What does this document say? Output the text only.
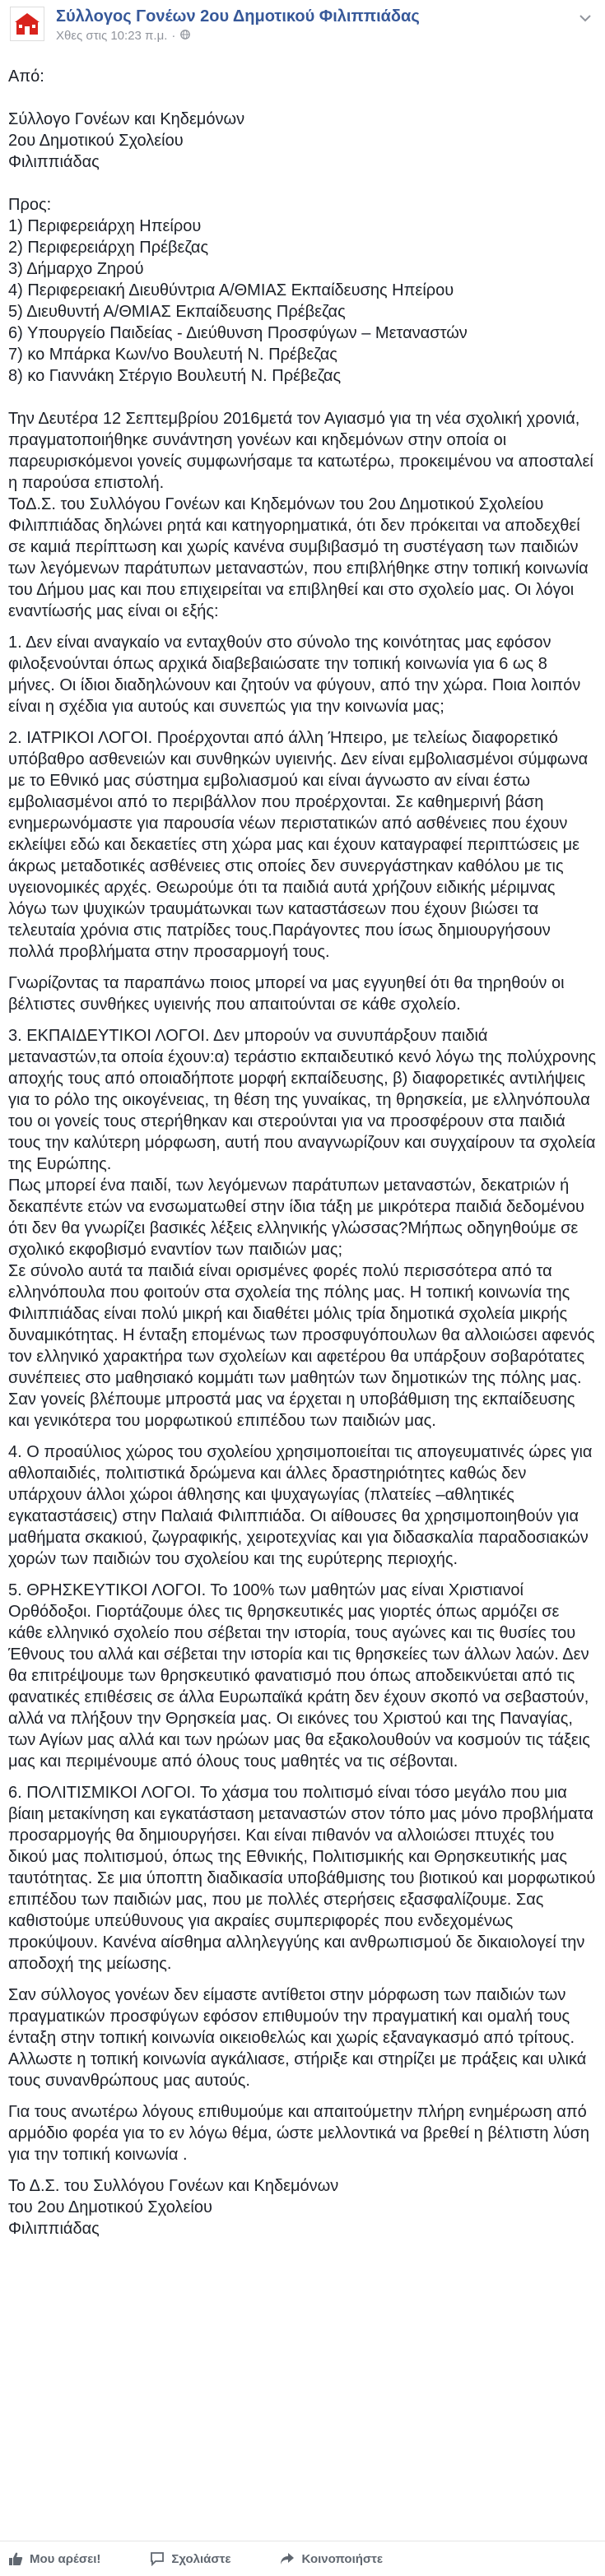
Σύλλογος Γονέων 2ου Δημοτικού Φιλιππιάδας
Χθες στις 10:23 π.μ. ·

Από:

Σύλλογο Γονέων και Κηδεμόνων

2ου Δημοτικού Σχολείου

Φιλιππιάδας

Προς:

1) Περιφερειάρχη Ηπείρου

2) Περιφερειάρχη Πρέβεζας

3) Δήμαρχο Ζηρού

4) Περιφερειακή Διευθύντρια Α/ΘΜΙΑΣ Εκπαίδευσης Ηπείρου

5) Διευθυντή Α/ΘΜΙΑΣ Εκπαίδευσης Πρέβεζας

6) Υπουργείο Παιδείας - Διεύθυνση Προσφύγων – Μεταναστών

7) κο Μπάρκα Κων/νο Βουλευτή Ν. Πρέβεζας

8) κο Γιαννάκη Στέργιο Βουλευτή Ν. Πρέβεζας

Την Δευτέρα 12 Σεπτεμβρίου 2016μετά τον Αγιασμό για τη νέα σχολική χρονιά, πραγματοποιήθηκε συνάντηση γονέων και κηδεμόνων στην οποία οι παρευρισκόμενοι γονείς συμφωνήσαμε τα κατωτέρω, προκειμένου να αποσταλεί η παρούσα επιστολή.
ΤοΔ.Σ. του Συλλόγου Γονέων και Κηδεμόνων του 2ου Δημοτικού Σχολείου Φιλιππιάδας δηλώνει ρητά και κατηγορηματικά, ότι δεν πρόκειται να αποδεχθεί σε καμιά περίπτωση και χωρίς κανένα συμβιβασμό τη συστέγαση των παιδιών των λεγόμενων παράτυπων μεταναστών, που επιβλήθηκε στην τοπική κοινωνία του Δήμου μας και που επιχειρείται να επιβληθεί και στο σχολείο μας. Οι λόγοι εναντίωσής μας είναι οι εξής:

1. Δεν είναι αναγκαίο να ενταχθούν στο σύνολο της κοινότητας μας εφόσον φιλοξενούνται όπως αρχικά διαβεβαιώσατε την τοπική κοινωνία για 6 ως 8 μήνες. Οι ίδιοι διαδηλώνουν και ζητούν να φύγουν, από την χώρα. Ποια λοιπόν είναι η σχέδια για αυτούς και συνεπώς για την κοινωνία μας;

2. ΙΑΤΡΙΚΟΙ ΛΟΓΟΙ. Προέρχονται από άλλη Ήπειρο, με τελείως διαφορετικό υπόβαθρο ασθενειών και συνθηκών υγιεινής. Δεν είναι εμβολιασμένοι σύμφωνα με το Εθνικό μας σύστημα εμβολιασμού και είναι άγνωστο αν είναι έστω εμβολιασμένοι από το περιβάλλον που προέρχονται. Σε καθημερινή βάση ενημερωνόμαστε για παρουσία νέων περιστατικών από ασθένειες που έχουν εκλείψει εδώ και δεκαετίες στη χώρα μας και έχουν καταγραφεί περιπτώσεις με άκρως μεταδοτικές ασθένειες στις οποίες δεν συνεργάστηκαν καθόλου με τις υγειονομικές αρχές. Θεωρούμε ότι τα παιδιά αυτά χρήζουν ειδικής μέριμνας λόγω των ψυχικών τραυμάτωνκαι των καταστάσεων που έχουν βιώσει τα τελευταία χρόνια στις πατρίδες τους.Παράγοντες που ίσως δημιουργήσουν πολλά προβλήματα στην προσαρμογή τους.

Γνωρίζοντας τα παραπάνω ποιος μπορεί να μας εγγυηθεί ότι θα τηρηθούν οι βέλτιστες συνθήκες υγιεινής που απαιτούνται σε κάθε σχολείο.

3. ΕΚΠΑΙΔΕΥΤΙΚΟΙ ΛΟΓΟΙ. Δεν μπορούν να συνυπάρξουν παιδιά μεταναστών,τα οποία έχουν:α) τεράστιο εκπαιδευτικό κενό λόγω της πολύχρονης αποχής τους από οποιαδήποτε μορφή εκπαίδευσης, β) διαφορετικές αντιλήψεις για το ρόλο της οικογένειας, τη θέση της γυναίκας, τη θρησκεία, με ελληνόπουλα του οι γονείς τους στερήθηκαν και στερούνται για να προσφέρουν στα παιδιά τους την καλύτερη μόρφωση, αυτή που αναγνωρίζουν και συγχαίρουν τα σχολεία της Ευρώπης.
Πως μπορεί ένα παιδί, των λεγόμενων παράτυπων μεταναστών, δεκατριών ή δεκαπέντε ετών να ενσωματωθεί στην ίδια τάξη με μικρότερα παιδιά δεδομένου ότι δεν θα γνωρίζει βασικές λέξεις ελληνικής γλώσσας?Μήπως οδηγηθούμε σε σχολικό εκφοβισμό εναντίον των παιδιών μας;
Σε σύνολο αυτά τα παιδιά είναι ορισμένες φορές πολύ περισσότερα από τα ελληνόπουλα που φοιτούν στα σχολεία της πόλης μας. Η τοπική κοινωνία της Φιλιππιάδας είναι πολύ μικρή και διαθέτει μόλις τρία δημοτικά σχολεία μικρής δυναμικότητας. Η ένταξη επομένως των προσφυγόπουλων θα αλλοιώσει αφενός τον ελληνικό χαρακτήρα των σχολείων και αφετέρου θα υπάρξουν σοβαρότατες συνέπειες στο μαθησιακό κομμάτι των μαθητών των δημοτικών της πόλης μας.
Σαν γονείς βλέπουμε μπροστά μας να έρχεται η υποβάθμιση της εκπαίδευσης και γενικότερα του μορφωτικού επιπέδου των παιδιών μας.

4. Ο προαύλιος χώρος του σχολείου χρησιμοποιείται τις απογευματινές ώρες για αθλοπαιδιές, πολιτιστικά δρώμενα και άλλες δραστηριότητες καθώς δεν υπάρχουν άλλοι χώροι άθλησης και ψυχαγωγίας (πλατείες –αθλητικές εγκαταστάσεις) στην Παλαιά Φιλιππιάδα. Οι αίθουσες θα χρησιμοποιηθούν για μαθήματα σκακιού, ζωγραφικής, χειροτεχνίας και για διδασκαλία παραδοσιακών χορών των παιδιών του σχολείου και της ευρύτερης περιοχής.

5. ΘΡΗΣΚΕΥΤΙΚΟΙ ΛΟΓΟΙ. Το 100% των μαθητών μας είναι Χριστιανοί Ορθόδοξοι. Γιορτάζουμε όλες τις θρησκευτικές μας γιορτές όπως αρμόζει σε κάθε ελληνικό σχολείο που σέβεται την ιστορία, τους αγώνες και τις θυσίες του Έθνους του αλλά και σέβεται την ιστορία και τις θρησκείες των άλλων λαών. Δεν θα επιτρέψουμε των θρησκευτικό φανατισμό που όπως αποδεικνύεται από τις φανατικές επιθέσεις σε άλλα Ευρωπαϊκά κράτη δεν έχουν σκοπό να σεβαστούν, αλλά να πλήξουν την Θρησκεία μας. Οι εικόνες του Χριστού και της Παναγίας, των Αγίων μας αλλά και των ηρώων μας θα εξακολουθούν να κοσμούν τις τάξεις μας και περιμένουμε από όλους τους μαθητές να τις σέβονται.

6. ΠΟΛΙΤΙΣΜΙΚΟΙ ΛΟΓΟΙ. Το χάσμα του πολιτισμό είναι τόσο μεγάλο που μια βίαιη μετακίνηση και εγκατάσταση μεταναστών στον τόπο μας μόνο προβλήματα προσαρμογής θα δημιουργήσει. Και είναι πιθανόν να αλλοιώσει πτυχές του δικού μας πολιτισμού, όπως της Εθνικής, Πολιτισμικής και Θρησκευτικής μας ταυτότητας. Σε μια ύποπτη διαδικασία υποβάθμισης του βιοτικού και μορφωτικού επιπέδου των παιδιών μας, που με πολλές στερήσεις εξασφαλίζουμε. Σας καθιστούμε υπεύθυνους για ακραίες συμπεριφορές που ενδεχομένως προκύψουν. Κανένα αίσθημα αλληλεγγύης και ανθρωπισμού δε δικαιολογεί την αποδοχή της μείωσης.

Σαν σύλλογος γονέων δεν είμαστε αντίθετοι στην μόρφωση των παιδιών των πραγματικών προσφύγων εφόσον επιθυμούν την πραγματική και ομαλή τους ένταξη στην τοπική κοινωνία οικειοθελώς και χωρίς εξαναγκασμό από τρίτους. Αλλωστε η τοπική κοινωνία αγκάλιασε, στήριξε και στηρίζει με πράξεις και υλικά τους συνανθρώπους μας αυτούς.

Για τους ανωτέρω λόγους επιθυμούμε και απαιτούμετην πλήρη ενημέρωση από αρμόδιο φορέα για το εν λόγω θέμα, ώστε μελλοντικά να βρεθεί η βέλτιστη λύση για την τοπική κοινωνία .

Το Δ.Σ. του Συλλόγου Γονέων και Κηδεμόνων

του 2ου Δημοτικού Σχολείου

Φιλιππιάδας

Μου αρέσει!	Σχολιάστε	Κοινοποιήστε
